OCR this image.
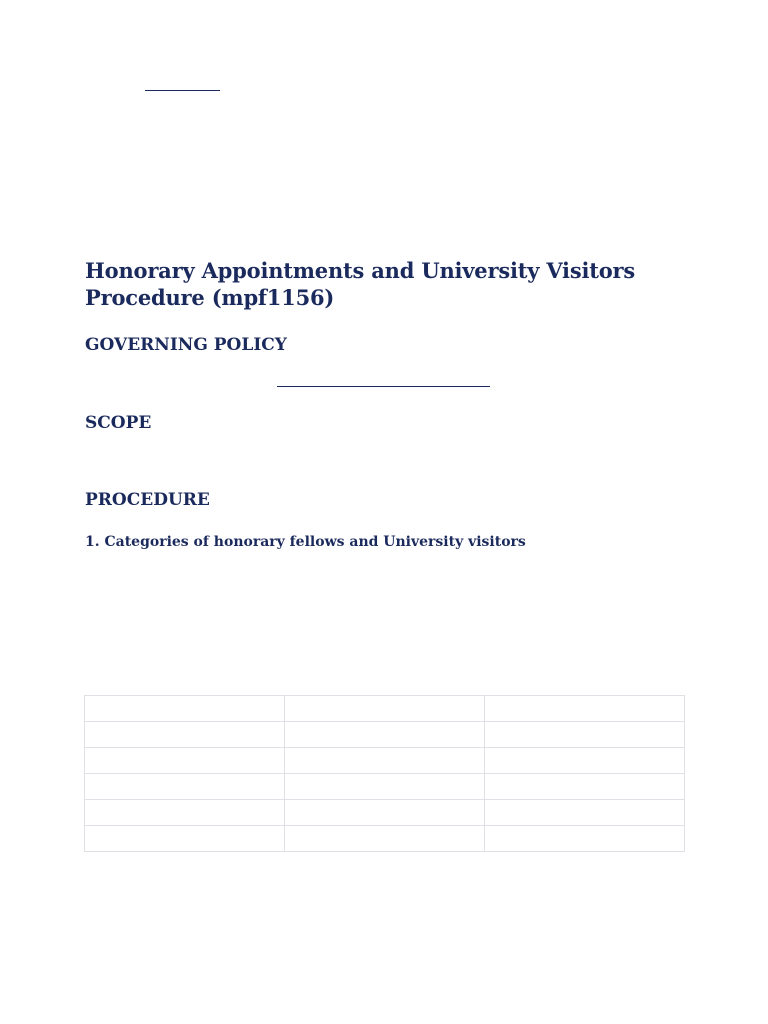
Honorary Appointments and University Visitors Procedure (mpf1156)
GOVERNING POLICY
SCOPE
PROCEDURE
1. Categories of honorary fellows and University visitors
